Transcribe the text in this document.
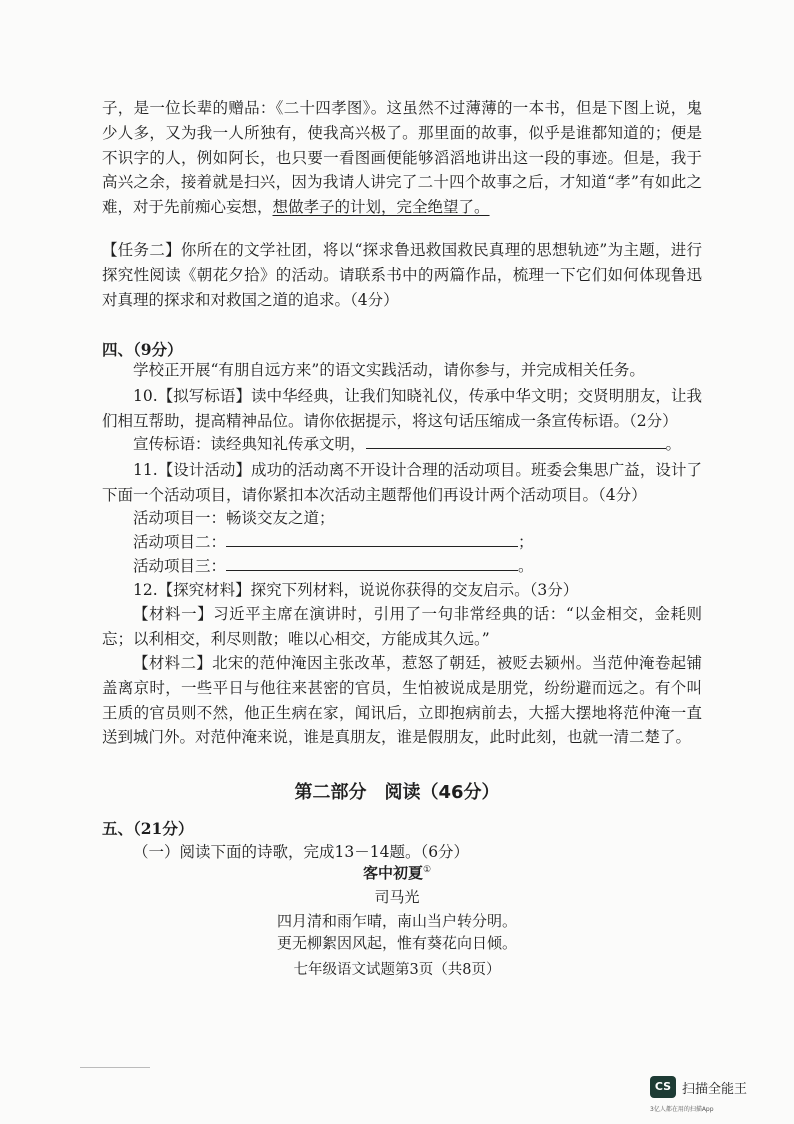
子，是一位长辈的赠品：《二十四孝图》。这虽然不过薄薄的一本书，但是下图上说，鬼少人多，又为我一人所独有，使我高兴极了。那里面的故事，似乎是谁都知道的；便是不识字的人，例如阿长，也只要一看图画便能够滔滔地讲出这一段的事迹。但是，我于高兴之余，接着就是扫兴，因为我请人讲完了二十四个故事之后，才知道“孝”有如此之难，对于先前痴心妄想，想做孝子的计划，完全绝望了。

【任务二】你所在的文学社团，将以“探求鲁迅救国救民真理的思想轨迹”为主题，进行探究性阅读《朝花夕拾》的活动。请联系书中的两篇作品，梳理一下它们如何体现鲁迅对真理的探求和对救国之道的追求。（4分）

四、（9分）

学校正开展“有朋自远方来”的语文实践活动，请你参与，并完成相关任务。

10.【拟写标语】读中华经典，让我们知晓礼仪，传承中华文明；交贤明朋友，让我们相互帮助，提高精神品位。请你依据提示，将这句话压缩成一条宣传标语。（2分）

宣传标语：读经典知礼传承文明，	。

11.【设计活动】成功的活动离不开设计合理的活动项目。班委会集思广益，设计了下面一个活动项目，请你紧扣本次活动主题帮他们再设计两个活动项目。（4分）

活动项目一：畅谈交友之道；
活动项目二：	；
活动项目三：	。

12.【探究材料】探究下列材料，说说你获得的交友启示。（3分）

【材料一】习近平主席在演讲时，引用了一句非常经典的话：“以金相交，金耗则忘；以利相交，利尽则散；唯以心相交，方能成其久远。”

【材料二】北宋的范仲淹因主张改革，惹怒了朝廷，被贬去颍州。当范仲淹卷起铺盖离京时，一些平日与他往来甚密的官员，生怕被说成是朋党，纷纷避而远之。有个叫王质的官员则不然，他正生病在家，闻讯后，立即抱病前去，大摇大摆地将范仲淹一直送到城门外。对范仲淹来说，谁是真朋友，谁是假朋友，此时此刻，也就一清二楚了。

第二部分　阅读（46分）
五、（21分）
（一）阅读下面的诗歌，完成13－14题。（6分）
客中初夏①
司马光
四月清和雨乍晴，南山当户转分明。
更无柳絮因风起，惟有葵花向日倾。
七年级语文试题第3页（共8页）
CS 扫描全能王
3亿人都在用的扫描App
